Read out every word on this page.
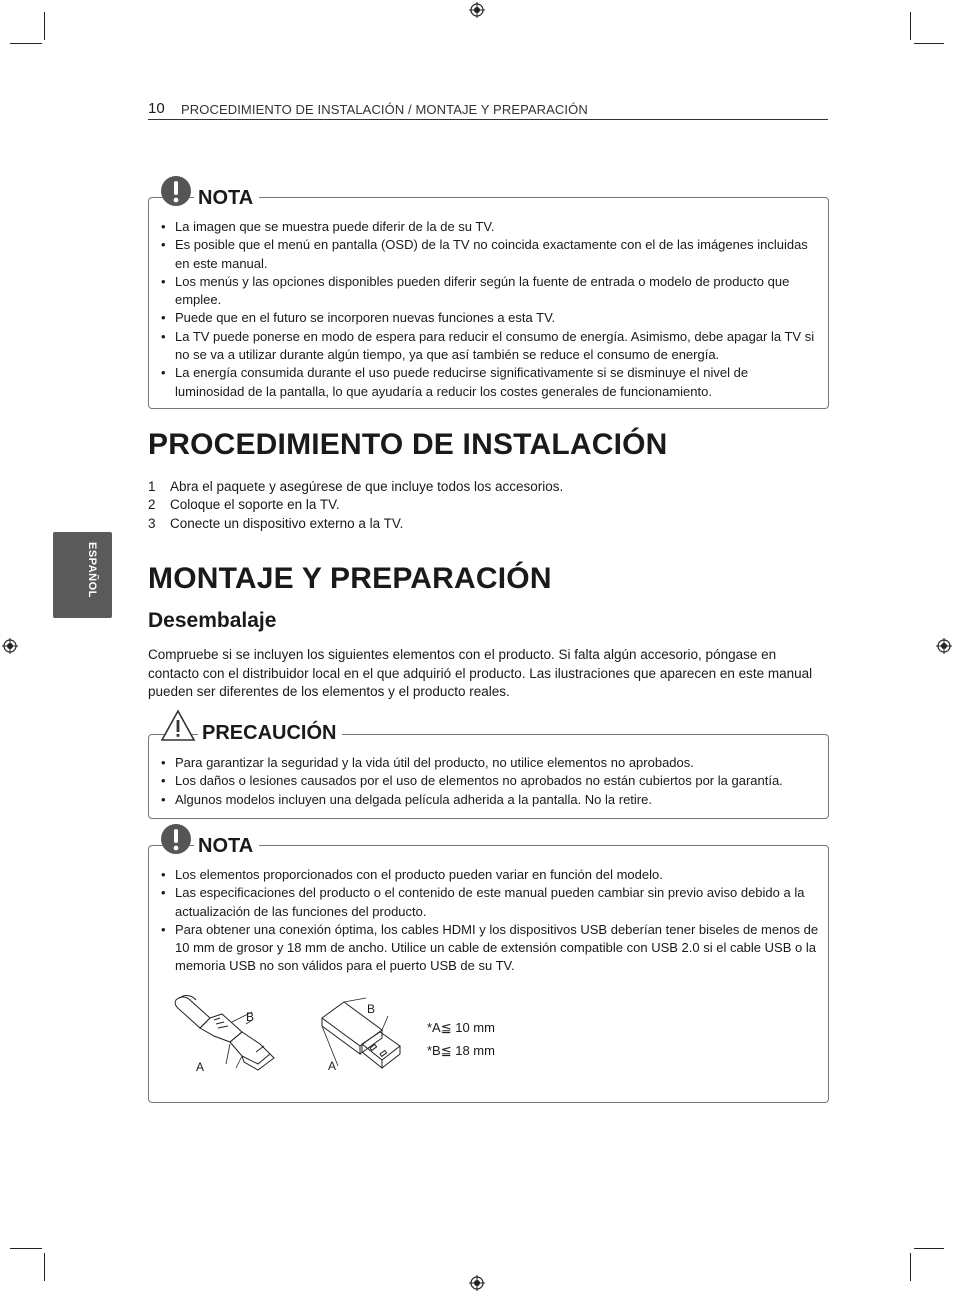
10 PROCEDIMIENTO DE INSTALACIÓN / MONTAJE Y PREPARACIÓN
ESPAÑOL
NOTA
• La imagen que se muestra puede diferir de la de su TV.
• Es posible que el menú en pantalla (OSD) de la TV no coincida exactamente con el de las imágenes incluidas en este manual.
• Los menús y las opciones disponibles pueden diferir según la fuente de entrada o modelo de producto que emplee.
• Puede que en el futuro se incorporen nuevas funciones a esta TV.
• La TV puede ponerse en modo de espera para reducir el consumo de energía. Asimismo, debe apagar la TV si no se va a utilizar durante algún tiempo, ya que así también se reduce el consumo de energía.
• La energía consumida durante el uso puede reducirse significativamente si se disminuye el nivel de luminosidad de la pantalla, lo que ayudaría a reducir los costes generales de funcionamiento.
PROCEDIMIENTO DE INSTALACIÓN
1 Abra el paquete y asegúrese de que incluye todos los accesorios.
2 Coloque el soporte en la TV.
3 Conecte un dispositivo externo a la TV.
MONTAJE Y PREPARACIÓN
Desembalaje

Compruebe si se incluyen los siguientes elementos con el producto. Si falta algún accesorio, póngase en contacto con el distribuidor local en el que adquirió el producto. Las ilustraciones que aparecen en este manual pueden ser diferentes de los elementos y el producto reales.

PRECAUCIÓN
• Para garantizar la seguridad y la vida útil del producto, no utilice elementos no aprobados.
• Los daños o lesiones causados por el uso de elementos no aprobados no están cubiertos por la garantía.
• Algunos modelos incluyen una delgada película adherida a la pantalla. No la retire.
NOTA
• Los elementos proporcionados con el producto pueden variar en función del modelo.
• Las especificaciones del producto o el contenido de este manual pueden cambiar sin previo aviso debido a la actualización de las funciones del producto.
• Para obtener una conexión óptima, los cables HDMI y los dispositivos USB deberían tener biseles de menos de 10 mm de grosor y 18 mm de ancho. Utilice un cable de extensión compatible con USB 2.0 si el cable USB o la memoria USB no son válidos para el puerto USB de su TV.
B
A
B
A
*A≦ 10 mm
*B≦ 18 mm
